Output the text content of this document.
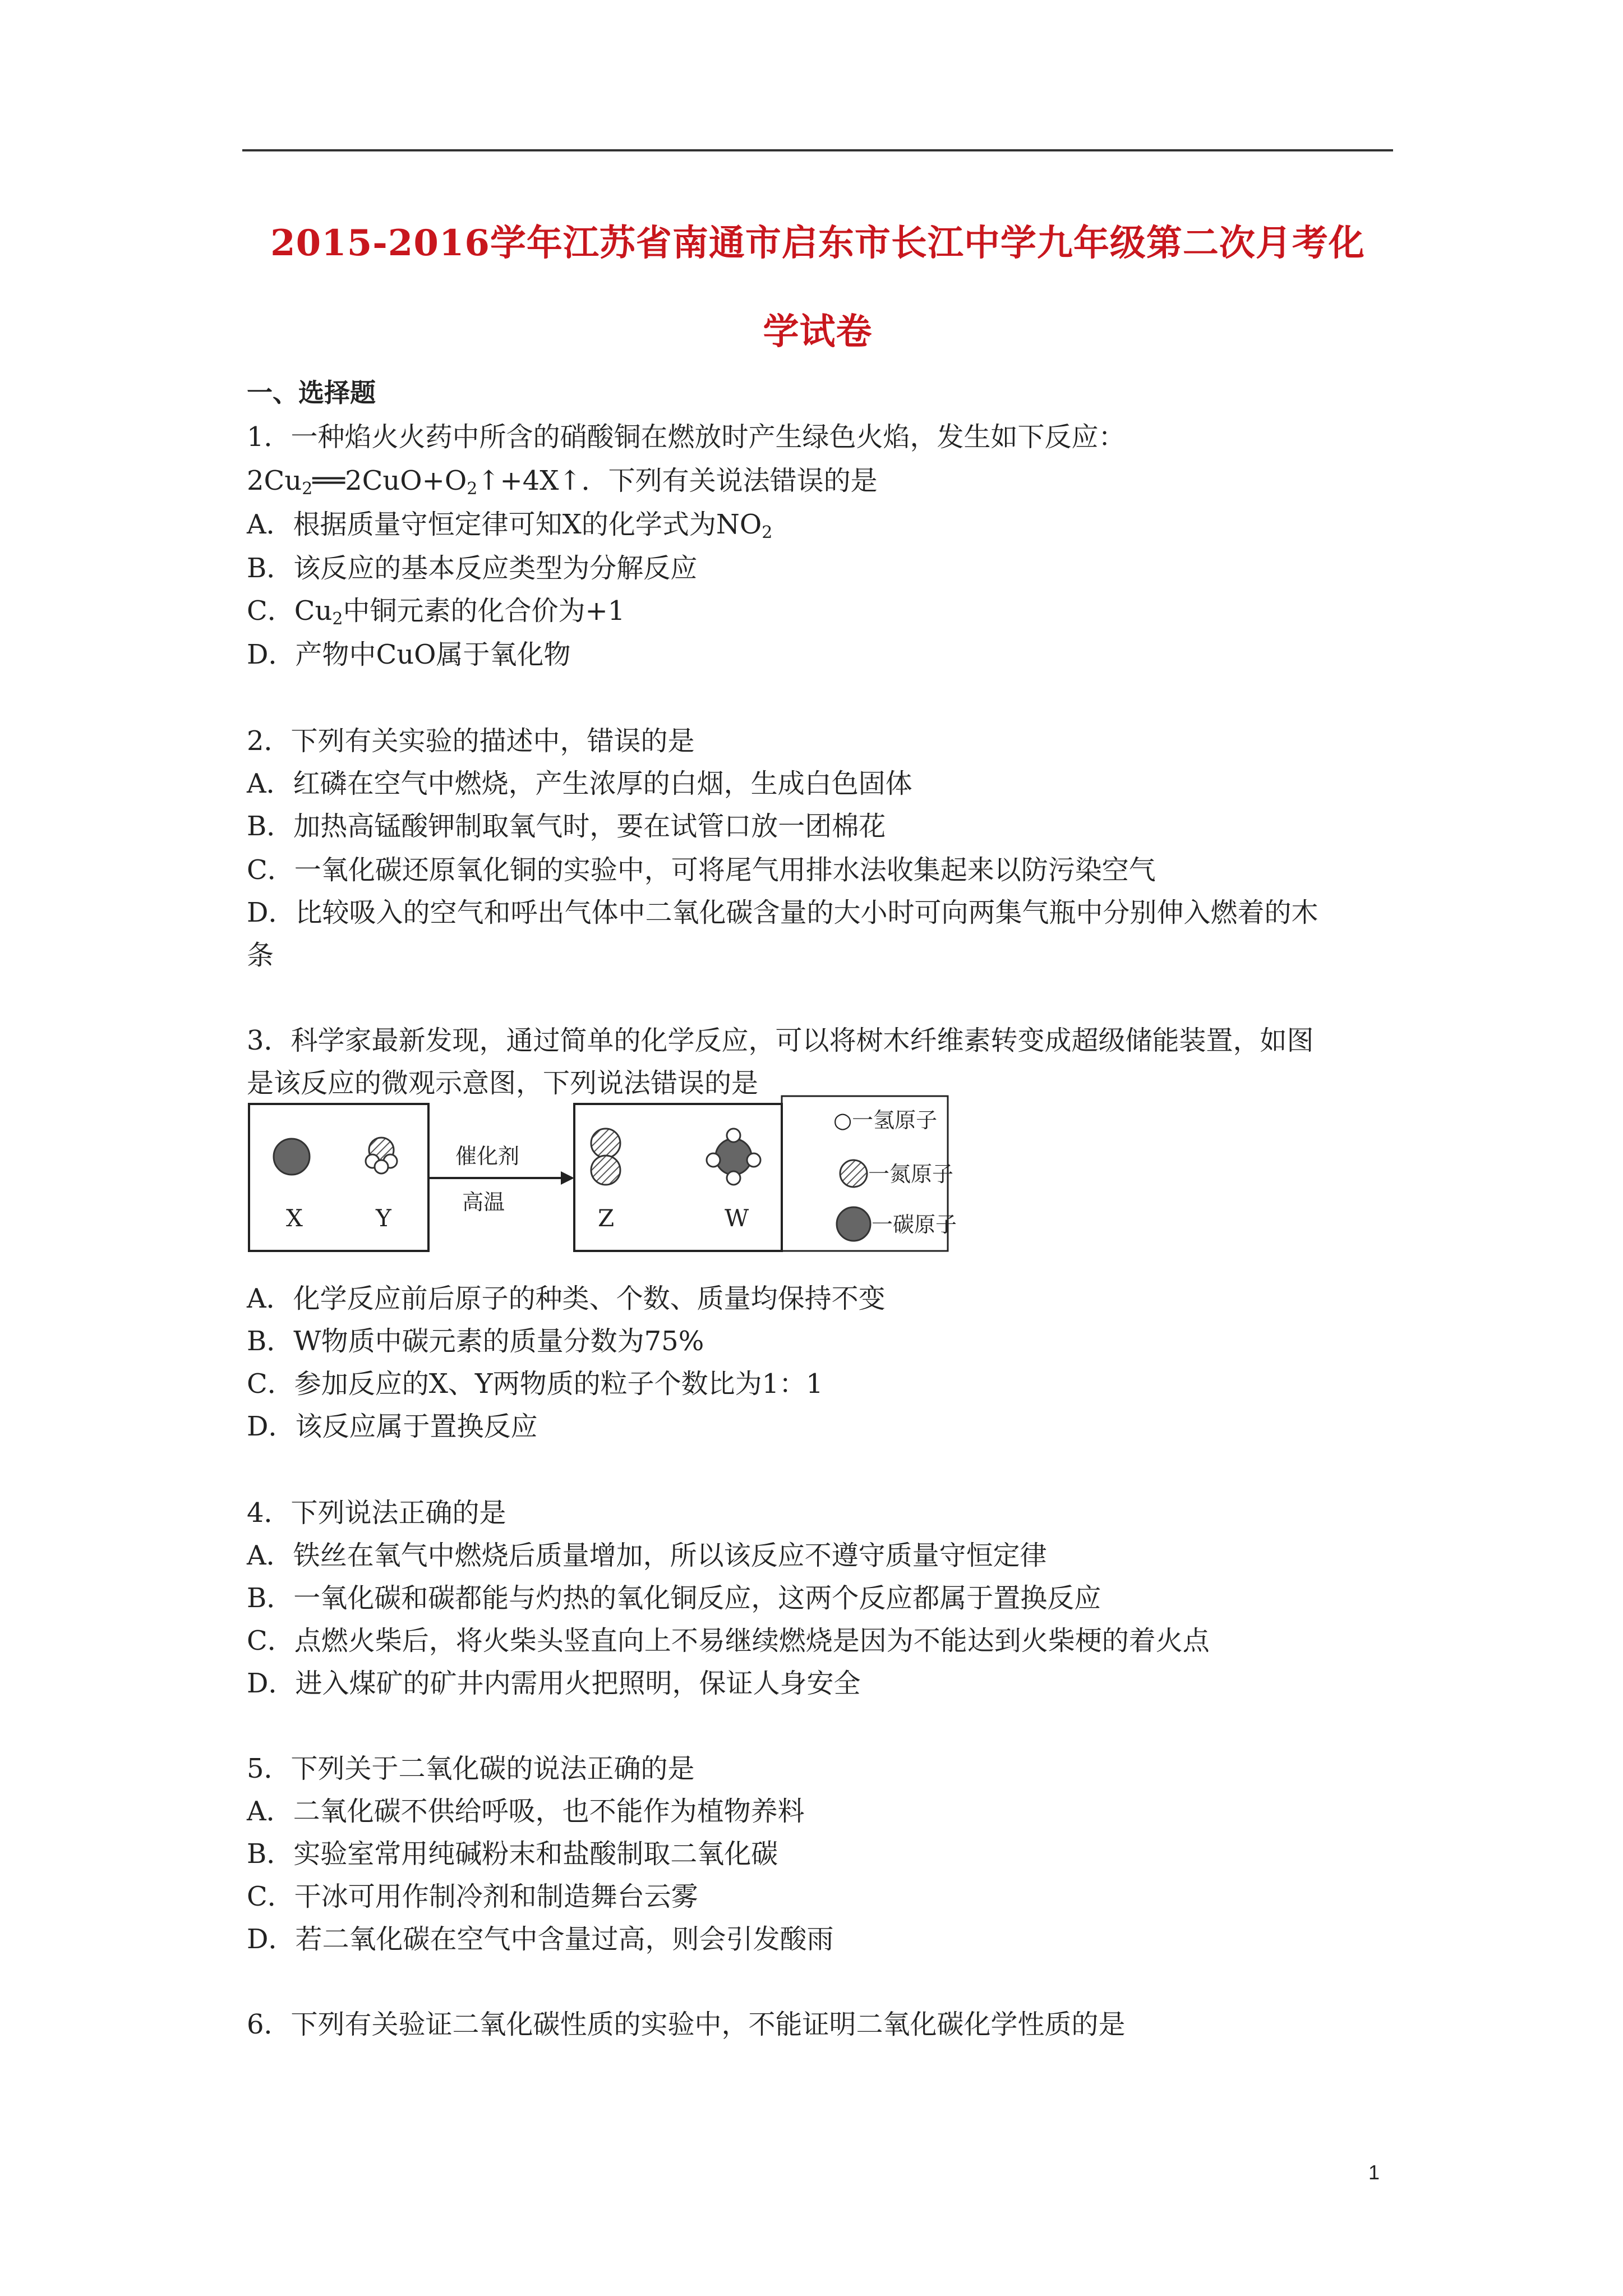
2015-2016学年江苏省南通市启东市长江中学九年级第二次月考化
学试卷
一、选择题
1．一种焰火火药中所含的硝酸铜在燃放时产生绿色火焰，发生如下反应：
$2Cu_2══2CuO+O_2↑+4X↑$．下列有关说法错误的是
A．根据质量守恒定律可知X的化学式为$NO_2$
B．该反应的基本反应类型为分解反应
C．$Cu_2$中铜元素的化合价为+1
D．产物中CuO属于氧化物
2．下列有关实验的描述中，错误的是
A．红磷在空气中燃烧，产生浓厚的白烟，生成白色固体
B．加热高锰酸钾制取氧气时，要在试管口放一团棉花
C．一氧化碳还原氧化铜的实验中，可将尾气用排水法收集起来以防污染空气
D．比较吸入的空气和呼出气体中二氧化碳含量的大小时可向两集气瓶中分别伸入燃着的木
条
3．科学家最新发现，通过简单的化学反应，可以将树木纤维素转变成超级储能装置，如图
是该反应的微观示意图，下列说法错误的是
X	Y
催化剂
高温
Z	W
○一氢原子
一氮原子
一碳原子
A．化学反应前后原子的种类、个数、质量均保持不变
B．W物质中碳元素的质量分数为75%
C．参加反应的X、Y两物质的粒子个数比为1：1
D．该反应属于置换反应
4．下列说法正确的是
A．铁丝在氧气中燃烧后质量增加，所以该反应不遵守质量守恒定律
B．一氧化碳和碳都能与灼热的氧化铜反应，这两个反应都属于置换反应
C．点燃火柴后，将火柴头竖直向上不易继续燃烧是因为不能达到火柴梗的着火点
D．进入煤矿的矿井内需用火把照明，保证人身安全
5．下列关于二氧化碳的说法正确的是
A．二氧化碳不供给呼吸，也不能作为植物养料
B．实验室常用纯碱粉末和盐酸制取二氧化碳
C．干冰可用作制冷剂和制造舞台云雾
D．若二氧化碳在空气中含量过高，则会引发酸雨
6．下列有关验证二氧化碳性质的实验中，不能证明二氧化碳化学性质的是
1
